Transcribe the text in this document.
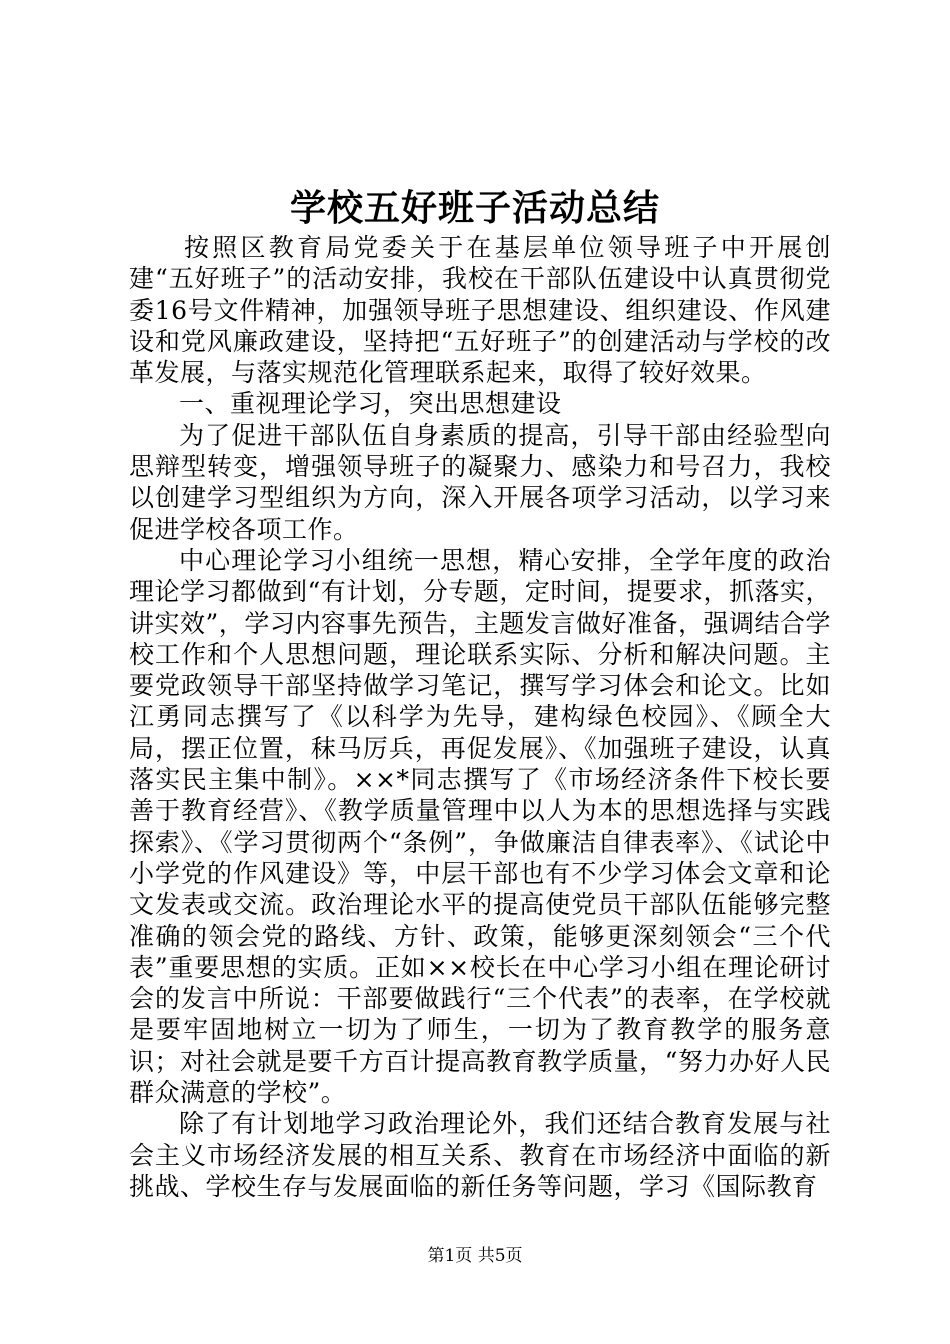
学校五好班子活动总结

按照区教育局党委关于在基层单位领导班子中开展创建“五好班子”的活动安排，我校在干部队伍建设中认真贯彻党委16号文件精神，加强领导班子思想建设、组织建设、作风建设和党风廉政建设，坚持把“五好班子”的创建活动与学校的改革发展，与落实规范化管理联系起来，取得了较好效果。

一、重视理论学习，突出思想建设

为了促进干部队伍自身素质的提高，引导干部由经验型向思辩型转变，增强领导班子的凝聚力、感染力和号召力，我校以创建学习型组织为方向，深入开展各项学习活动，以学习来促进学校各项工作。

中心理论学习小组统一思想，精心安排，全学年度的政治理论学习都做到“有计划，分专题，定时间，提要求，抓落实，讲实效”，学习内容事先预告，主题发言做好准备，强调结合学校工作和个人思想问题，理论联系实际、分析和解决问题。主要党政领导干部坚持做学习笔记，撰写学习体会和论文。比如江勇同志撰写了《以科学为先导，建构绿色校园》、《顾全大局，摆正位置，秣马厉兵，再促发展》、《加强班子建设，认真落实民主集中制》。××*同志撰写了《市场经济条件下校长要善于教育经营》、《教学质量管理中以人为本的思想选择与实践探索》、《学习贯彻两个“条例”，争做廉洁自律表率》、《试论中小学党的作风建设》等，中层干部也有不少学习体会文章和论文发表或交流。政治理论水平的提高使党员干部队伍能够完整准确的领会党的路线、方针、政策，能够更深刻领会“三个代表”重要思想的实质。正如××校长在中心学习小组在理论研讨会的发言中所说：干部要做践行“三个代表”的表率，在学校就是要牢固地树立一切为了师生，一切为了教育教学的服务意识；对社会就是要千方百计提高教育教学质量，“努力办好人民群众满意的学校”。

除了有计划地学习政治理论外，我们还结合教育发展与社会主义市场经济发展的相互关系、教育在市场经济中面临的新挑战、学校生存与发展面临的新任务等问题，学习《国际教育

第1页 共5页
